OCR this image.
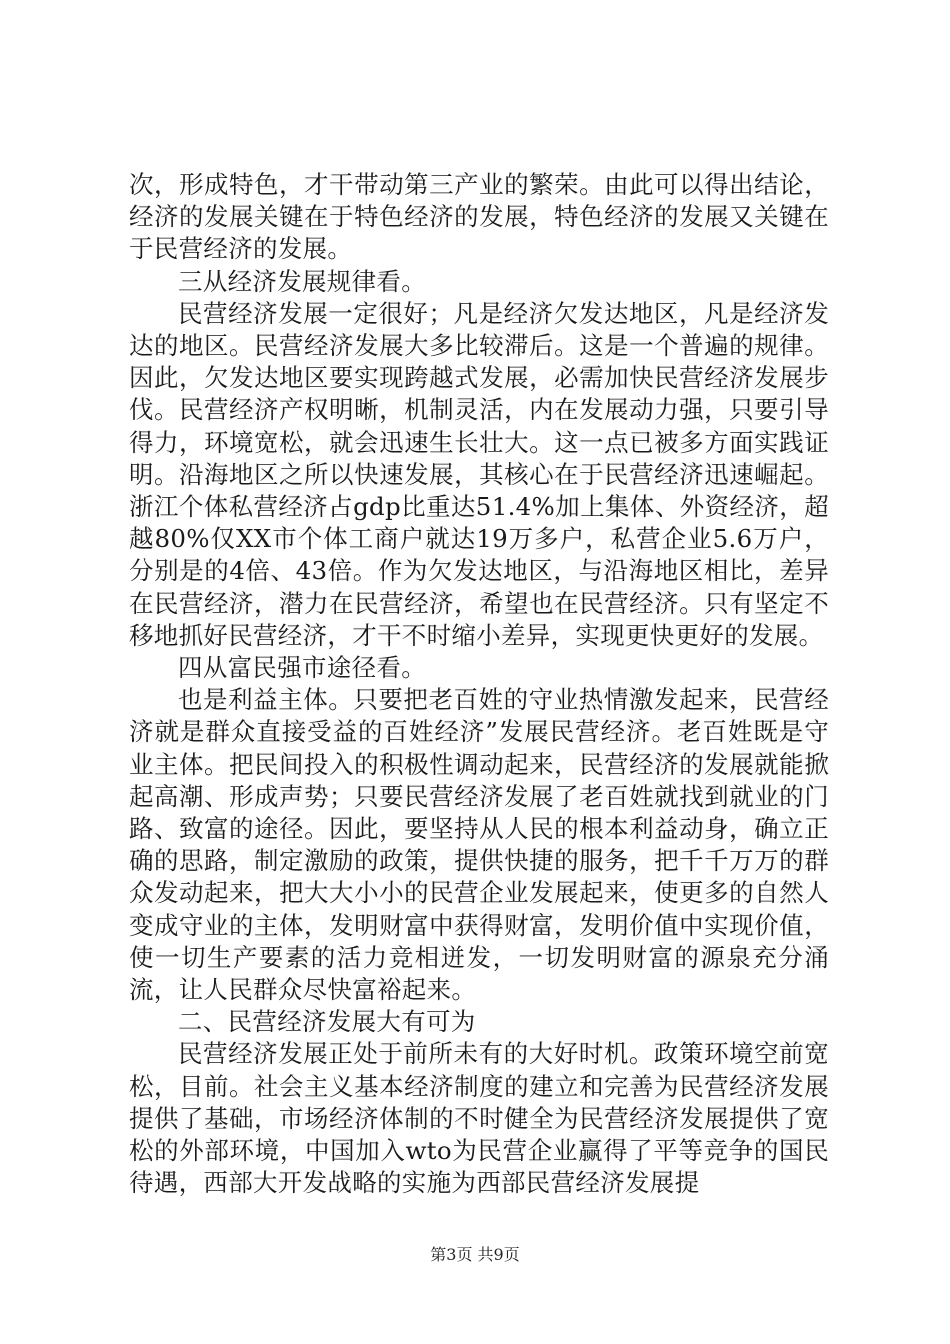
次，形成特色，才干带动第三产业的繁荣。由此可以得出结论，经济的发展关键在于特色经济的发展，特色经济的发展又关键在于民营经济的发展。

三从经济发展规律看。

民营经济发展一定很好；凡是经济欠发达地区，凡是经济发达的地区。民营经济发展大多比较滞后。这是一个普遍的规律。因此，欠发达地区要实现跨越式发展，必需加快民营经济发展步伐。民营经济产权明晰，机制灵活，内在发展动力强，只要引导得力，环境宽松，就会迅速生长壮大。这一点已被多方面实践证明。沿海地区之所以快速发展，其核心在于民营经济迅速崛起。浙江个体私营经济占gdp比重达51.4%加上集体、外资经济，超越80%仅XX市个体工商户就达19万多户，私营企业5.6万户，分别是的4倍、43倍。作为欠发达地区，与沿海地区相比，差异在民营经济，潜力在民营经济，希望也在民营经济。只有坚定不移地抓好民营经济，才干不时缩小差异，实现更快更好的发展。

四从富民强市途径看。

也是利益主体。只要把老百姓的守业热情激发起来，民营经济就是群众直接受益的百姓经济”发展民营经济。老百姓既是守业主体。把民间投入的积极性调动起来，民营经济的发展就能掀起高潮、形成声势；只要民营经济发展了老百姓就找到就业的门路、致富的途径。因此，要坚持从人民的根本利益动身，确立正确的思路，制定激励的政策，提供快捷的服务，把千千万万的群众发动起来，把大大小小的民营企业发展起来，使更多的自然人变成守业的主体，发明财富中获得财富，发明价值中实现价值，使一切生产要素的活力竞相迸发，一切发明财富的源泉充分涌流，让人民群众尽快富裕起来。

二、民营经济发展大有可为

民营经济发展正处于前所未有的大好时机。政策环境空前宽松，目前。社会主义基本经济制度的建立和完善为民营经济发展提供了基础，市场经济体制的不时健全为民营经济发展提供了宽松的外部环境，中国加入wto为民营企业赢得了平等竞争的国民待遇，西部大开发战略的实施为西部民营经济发展提

第3页 共9页
